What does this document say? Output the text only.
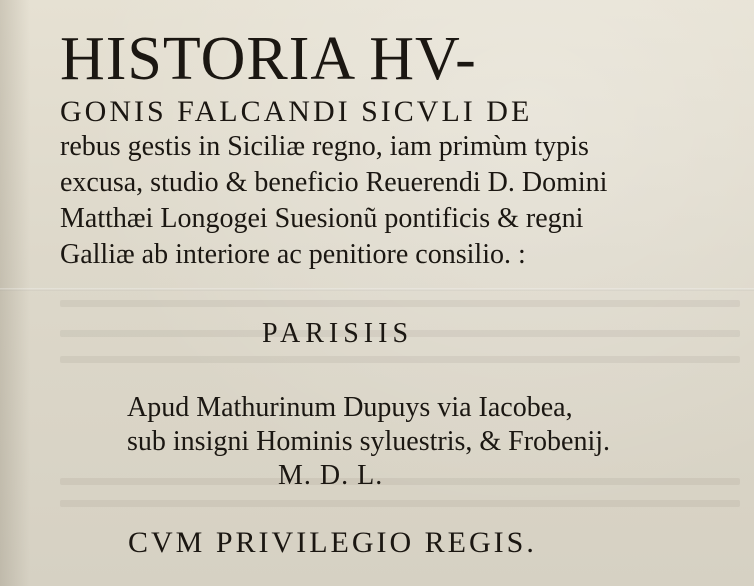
HISTORIA HV-
GONIS FALCANDI SICVLI DE
rebus gestis in Siciliæ regno, iam primùm typis
excusa, studio & beneficio Reuerendi D. Domini
Matthæi Longogei Suesionũ pontificis & regni
Galliæ ab interiore ac penitiore consilio. :
PARISIIS
Apud Mathurinum Dupuys via Iacobea,
sub insigni Hominis syluestris, & Frobenij.
M. D. L.
CVM PRIVILEGIO REGIS.
